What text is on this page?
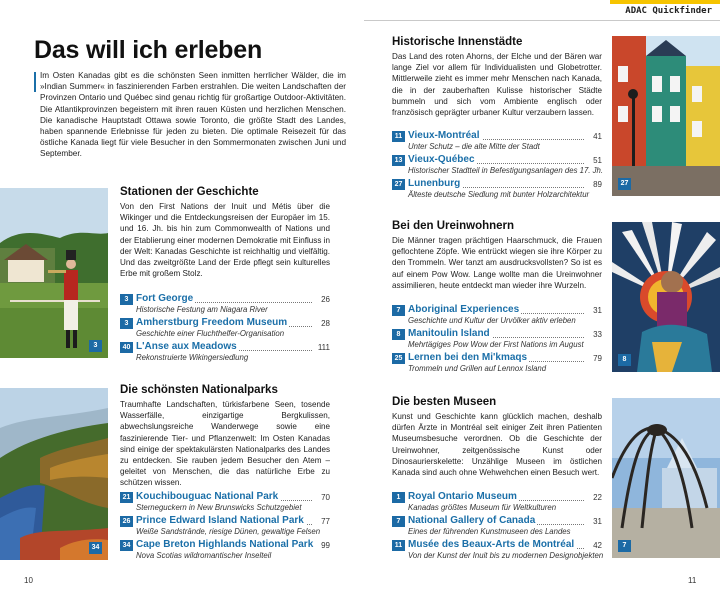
ADAC Quickfinder
Das will ich erleben

Im Osten Kanadas gibt es die schönsten Seen inmitten herrlicher Wälder, die im »Indian Summer« in faszinierenden Farben erstrahlen. Die weiten Landschaften der Provinzen Ontario und Québec sind genau richtig für großartige Outdoor-Aktivitäten. Die Atlantikprovinzen begeistern mit ihren rauen Küsten und herzlichen Menschen. Die kanadische Hauptstadt Ottawa sowie Toronto, die größte Stadt des Landes, haben spannende Erlebnisse für jeden zu bieten. Die optimale Reisezeit für das östliche Kanada liegt für viele Besucher in den Sommermonaten zwischen Juni und September.

3
Stationen der Geschichte
Von den First Nations der Inuit und Métis über die Wikinger und die Entdeckungsreisen der Europäer im 15. und 16. Jh. bis hin zum Commonwealth of Nations und der Etablierung einer modernen Demokratie mit Einfluss in der Welt: Kanadas Geschichte ist reichhaltig und vielfältig. Und das zweitgrößte Land der Erde pflegt sein kulturelles Erbe mit großem Stolz.
3 Fort George	26
Historische Festung am Niagara River
3 Amherstburg Freedom Museum	28
Geschichte einer Fluchthelfer-Organisation
40 L'Anse aux Meadows	111
Rekonstruierte Wikingersiedlung
34
Die schönsten Nationalparks
Traumhafte Landschaften, türkisfarbene Seen, tosende Wasserfälle, einzigartige Bergkulissen, abwechslungsreiche Wanderwege sowie eine faszinierende Tier- und Pflanzenwelt: Im Osten Kanadas sind einige der spektakulärsten Nationalparks des Landes zu entdecken. Sie rauben jedem Besucher den Atem – geleitet von Menschen, die das natürliche Erbe zu schützen wissen.
21 Kouchibouguac National Park	70
Sterneguckern in New Brunswicks Schutzgebiet
26 Prince Edward Island National Park 77
Weiße Sandstrände, riesige Dünen, gewaltige Felsen
34 Cape Breton Highlands National Park 99
Nova Scotias wildromantischer Inselteil
10
Historische Innenstädte
Das Land des roten Ahorns, der Elche und der Bären war lange Ziel vor allem für Individualisten und Globetrotter. Mittlerweile zieht es immer mehr Menschen nach Kanada, die in der zauberhaften Kulisse historischer Städte bummeln und sich vom Ambiente englisch oder französisch geprägter urbaner Kultur verzaubern lassen.
11 Vieux-Montréal	41
Unter Schutz – die alte Mitte der Stadt
13 Vieux-Québec	51
Historischer Stadtteil in Befestigungsanlagen des 17. Jh.
27 Lunenburg	89
Älteste deutsche Siedlung mit bunter Holzarchitektur
27
Bei den Ureinwohnern
Die Männer tragen prächtigen Haarschmuck, die Frauen geflochtene Zöpfe. Wie entrückt wiegen sie ihre Körper zu den Trommeln. Wer tanzt am ausdrucksvollsten? So ist es auf einem Pow Wow. Lange wollte man die Ureinwohner assimilieren, heute entdeckt man wieder ihre Wurzeln.
7 Aboriginal Experiences	31
Geschichte und Kultur der Urvölker aktiv erleben
8 Manitoulin Island	33
Mehrtägiges Pow Wow der First Nations im August
25 Lernen bei den Mi'kmaqs	79
Trommeln und Grillen auf Lennox Island
8
Die besten Museen
Kunst und Geschichte kann glücklich machen, deshalb dürfen Ärzte in Montréal seit einiger Zeit ihren Patienten Museumsbesuche verordnen. Ob die Geschichte der Ureinwohner, zeitgenössische Kunst oder Dinosaurierskelette: Unzählige Museen im östlichen Kanada sind auch ohne Wehwehchen einen Besuch wert.
1 Royal Ontario Museum	22
Kanadas größtes Museum für Weltkulturen
7 National Gallery of Canada	31
Eines der führenden Kunstmuseen des Landes
11 Musée des Beaux-Arts de Montréal 42
Von der Kunst der Inuit bis zu modernen Designobjekten
7
11
